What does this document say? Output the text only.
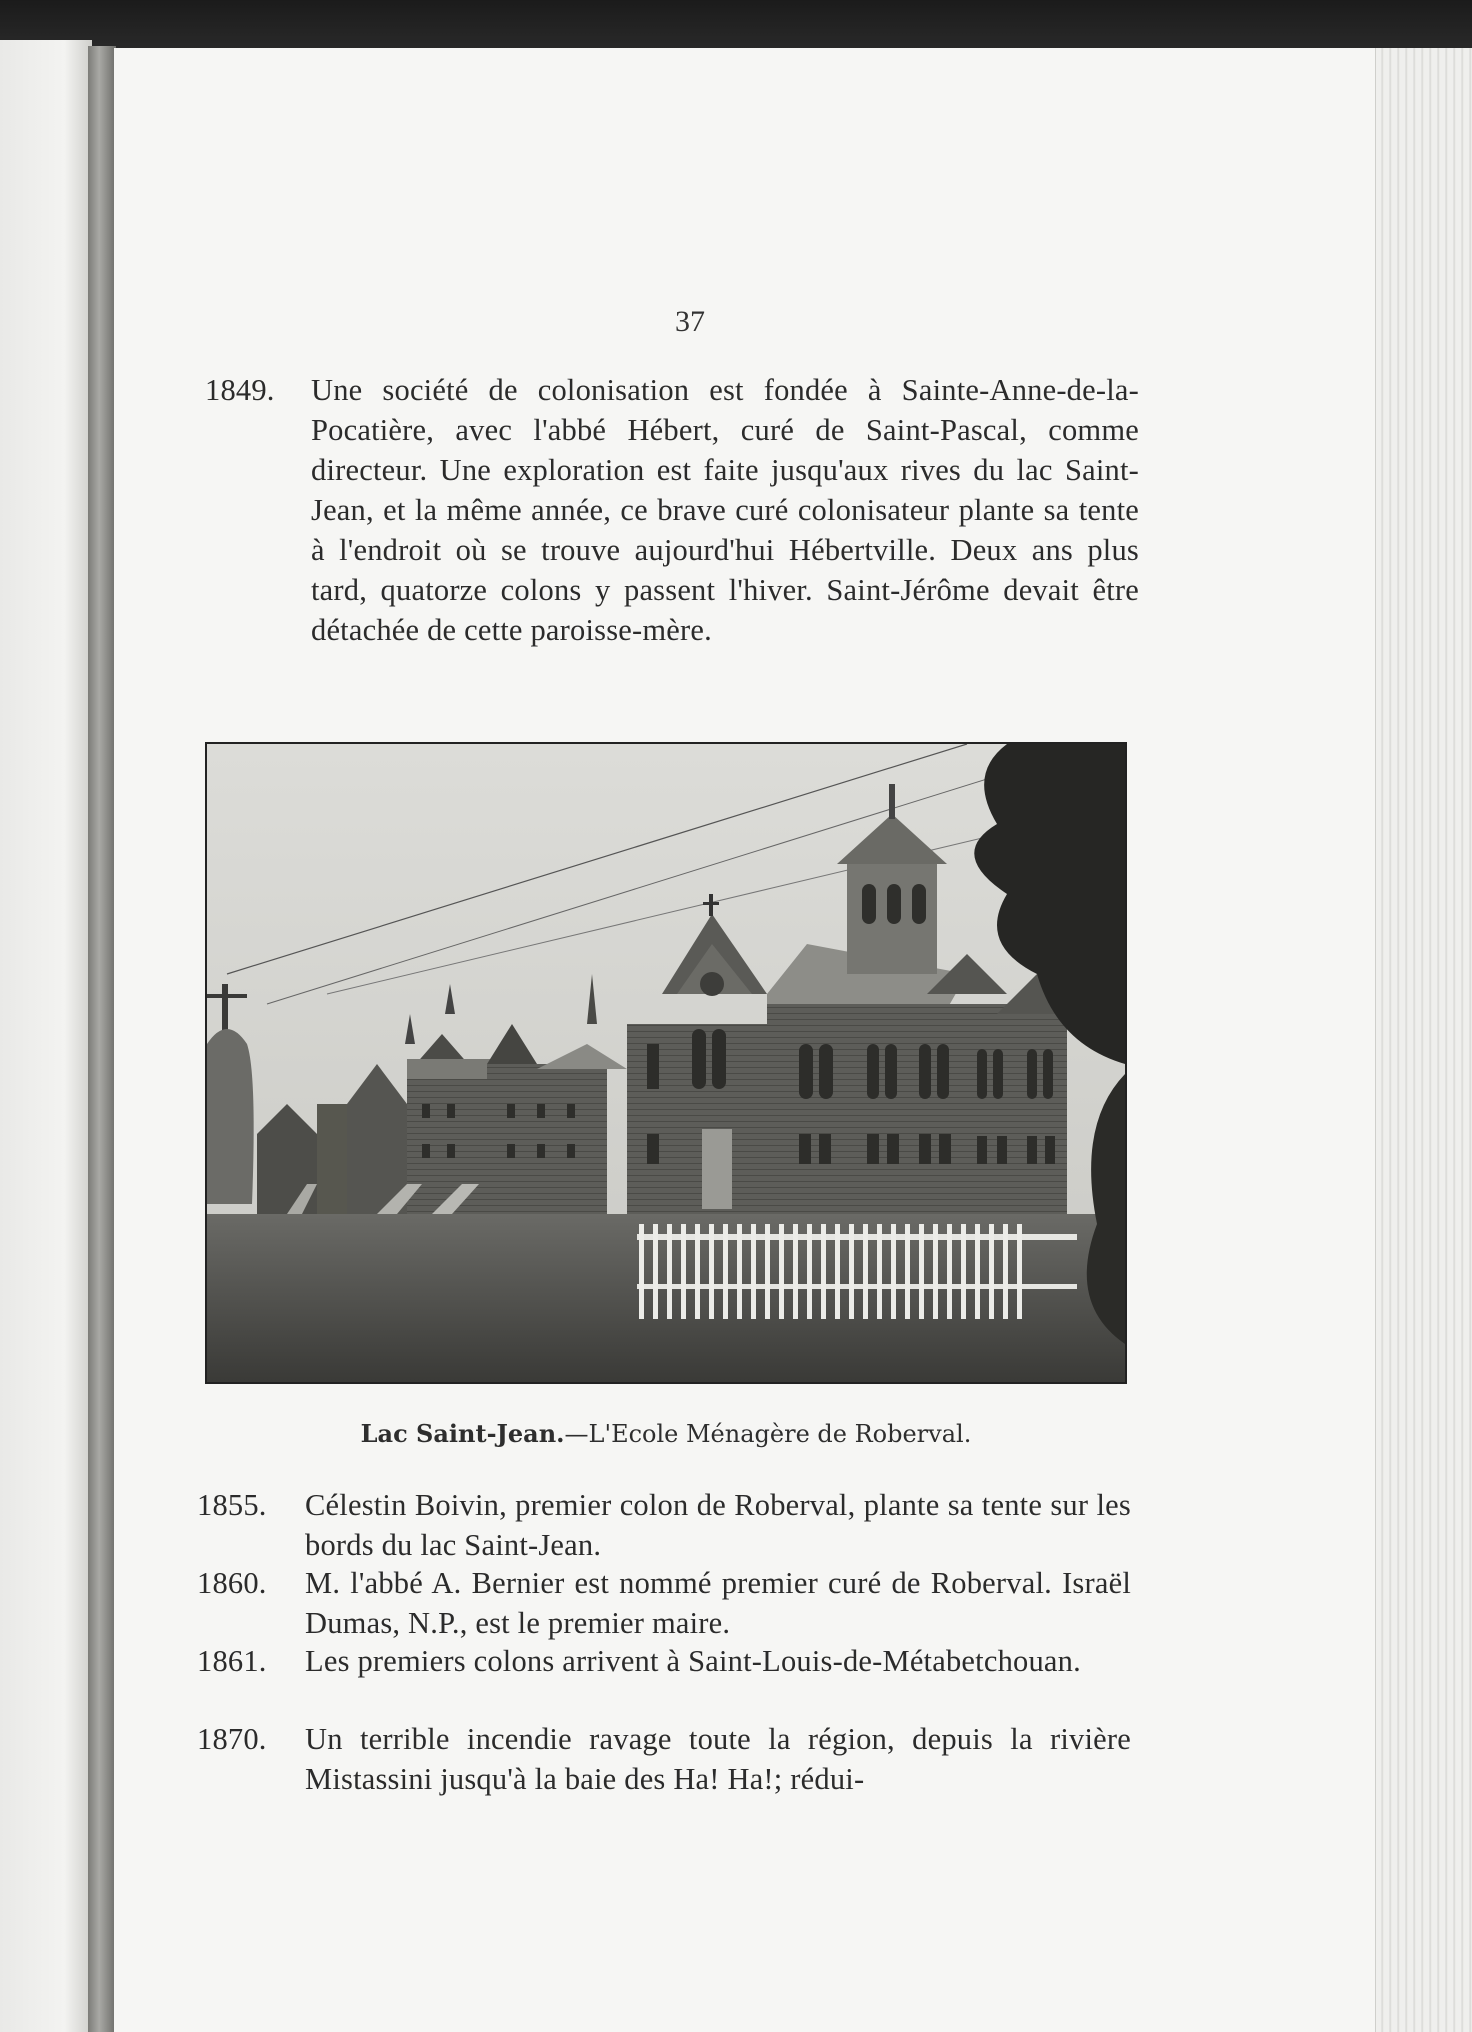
37
1849.	Une société de colonisation est fondée à Sainte-Anne-de-la-Pocatière, avec l'abbé Hébert, curé de Saint-Pascal, comme directeur. Une exploration est faite jusqu'aux rives du lac Saint-Jean, et la même année, ce brave curé colonisateur plante sa tente à l'endroit où se trouve aujourd'hui Hébertville. Deux ans plus tard, quatorze colons y passent l'hiver. Saint-Jérôme devait être détachée de cette paroisse-mère.
Lac Saint-Jean.—L'Ecole Ménagère de Roberval.
1855.	Célestin Boivin, premier colon de Roberval, plante sa tente sur les bords du lac Saint-Jean.
1860.	M. l'abbé A. Bernier est nommé premier curé de Roberval. Israël Dumas, N.P., est le premier maire.
1861.	Les premiers colons arrivent à Saint-Louis-de-Métabetchouan.
1870.	Un terrible incendie ravage toute la région, depuis la rivière Mistassini jusqu'à la baie des Ha! Ha!; rédui-
